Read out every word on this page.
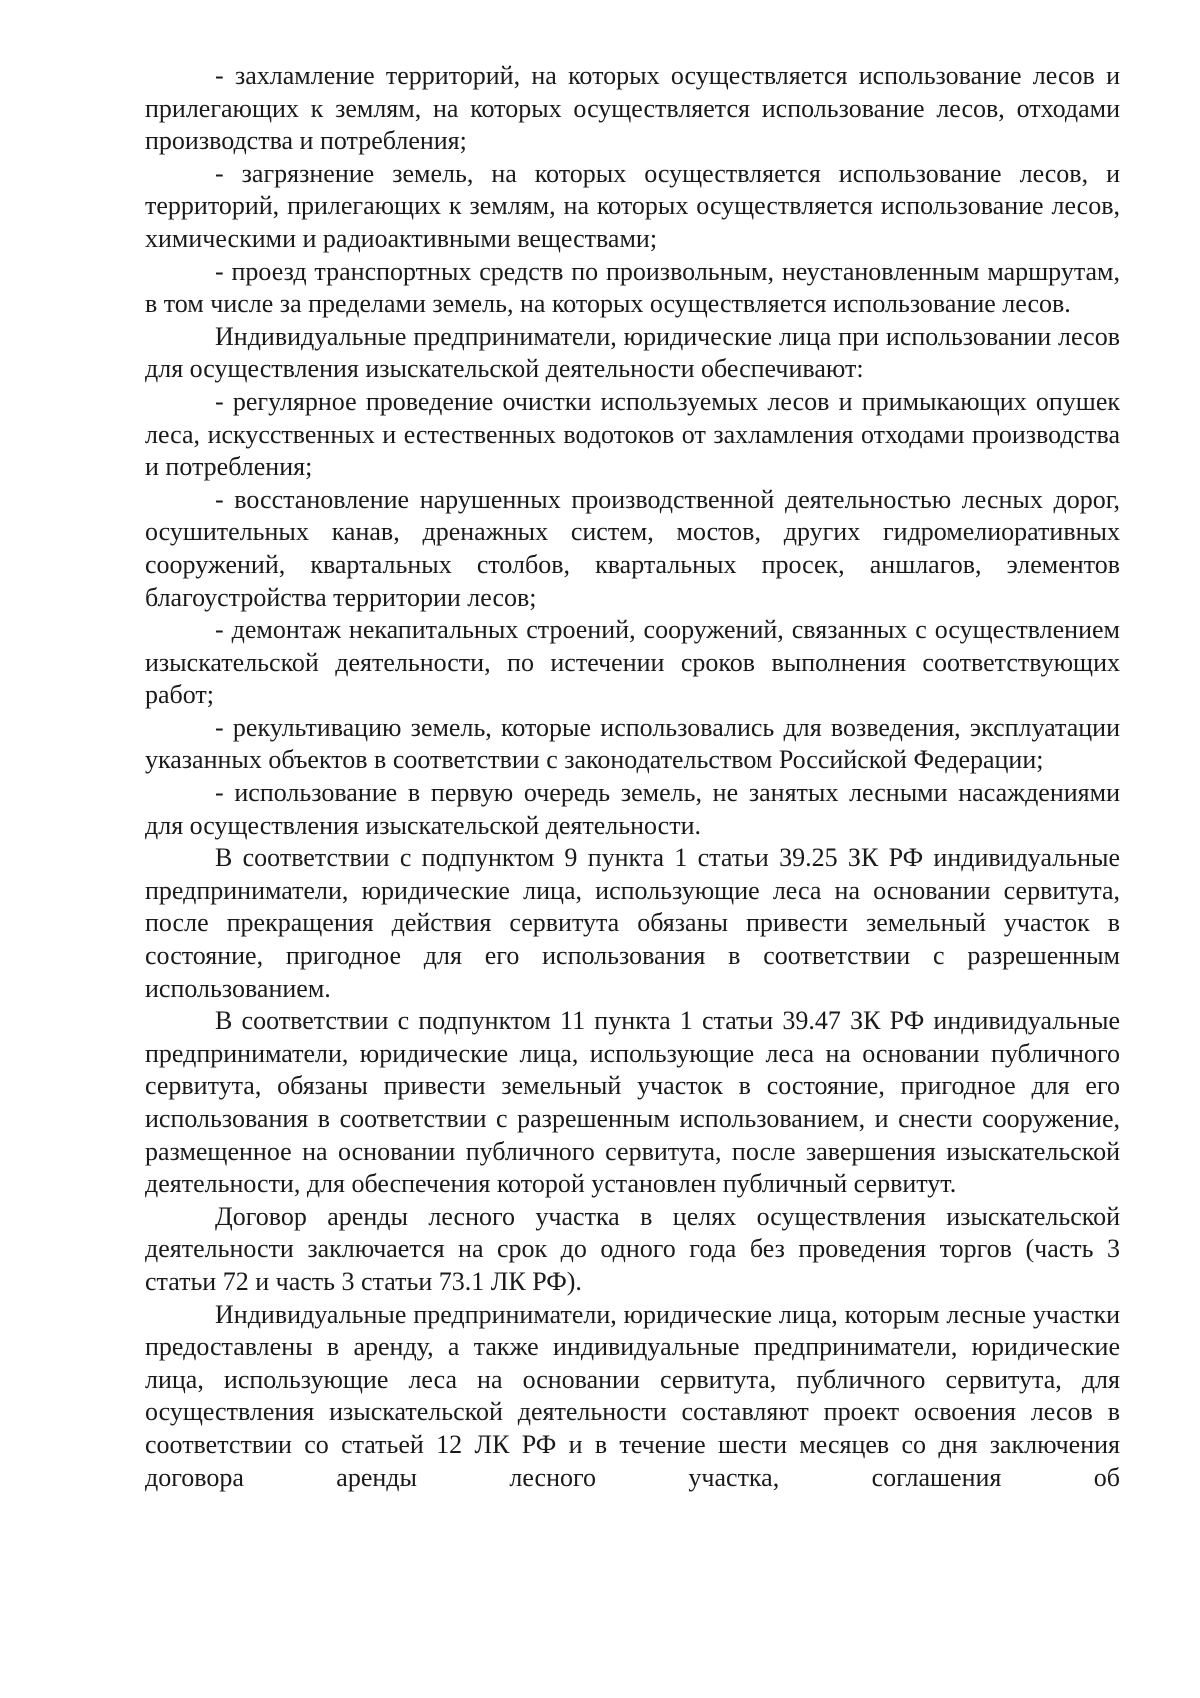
- захламление территорий, на которых осуществляется использование лесов и прилегающих к землям, на которых осуществляется использование лесов, отходами производства и потребления;

- загрязнение земель, на которых осуществляется использование лесов, и территорий, прилегающих к землям, на которых осуществляется использование лесов, химическими и радиоактивными веществами;

- проезд транспортных средств по произвольным, неустановленным маршрутам, в том числе за пределами земель, на которых осуществляется использование лесов.

Индивидуальные предприниматели, юридические лица при использовании лесов для осуществления изыскательской деятельности обеспечивают:

- регулярное проведение очистки используемых лесов и примыкающих опушек леса, искусственных и естественных водотоков от захламления отходами производства и потребления;

- восстановление нарушенных производственной деятельностью лесных дорог, осушительных канав, дренажных систем, мостов, других гидромелиоративных сооружений, квартальных столбов, квартальных просек, аншлагов, элементов благоустройства территории лесов;

- демонтаж некапитальных строений, сооружений, связанных с осуществлением изыскательской деятельности, по истечении сроков выполнения соответствующих работ;

- рекультивацию земель, которые использовались для возведения, эксплуатации указанных объектов в соответствии с законодательством Российской Федерации;

- использование в первую очередь земель, не занятых лесными насаждениями для осуществления изыскательской деятельности.

В соответствии с подпунктом 9 пункта 1 статьи 39.25 ЗК РФ индивидуальные предприниматели, юридические лица, использующие леса на основании сервитута, после прекращения действия сервитута обязаны привести земельный участок в состояние, пригодное для его использования в соответствии с разрешенным использованием.

В соответствии с подпунктом 11 пункта 1 статьи 39.47 ЗК РФ индивидуальные предприниматели, юридические лица, использующие леса на основании публичного сервитута, обязаны привести земельный участок в состояние, пригодное для его использования в соответствии с разрешенным использованием, и снести сооружение, размещенное на основании публичного сервитута, после завершения изыскательской деятельности, для обеспечения которой установлен публичный сервитут.

Договор аренды лесного участка в целях осуществления изыскательской деятельности заключается на срок до одного года без проведения торгов (часть 3 статьи 72 и часть 3 статьи 73.1 ЛК РФ).

Индивидуальные предприниматели, юридические лица, которым лесные участки предоставлены в аренду, а также индивидуальные предприниматели, юридические лица, использующие леса на основании сервитута, публичного сервитута, для осуществления изыскательской деятельности составляют проект освоения лесов в соответствии со статьей 12 ЛК РФ и в течение шести месяцев со дня заключения договора аренды лесного участка, соглашения об
